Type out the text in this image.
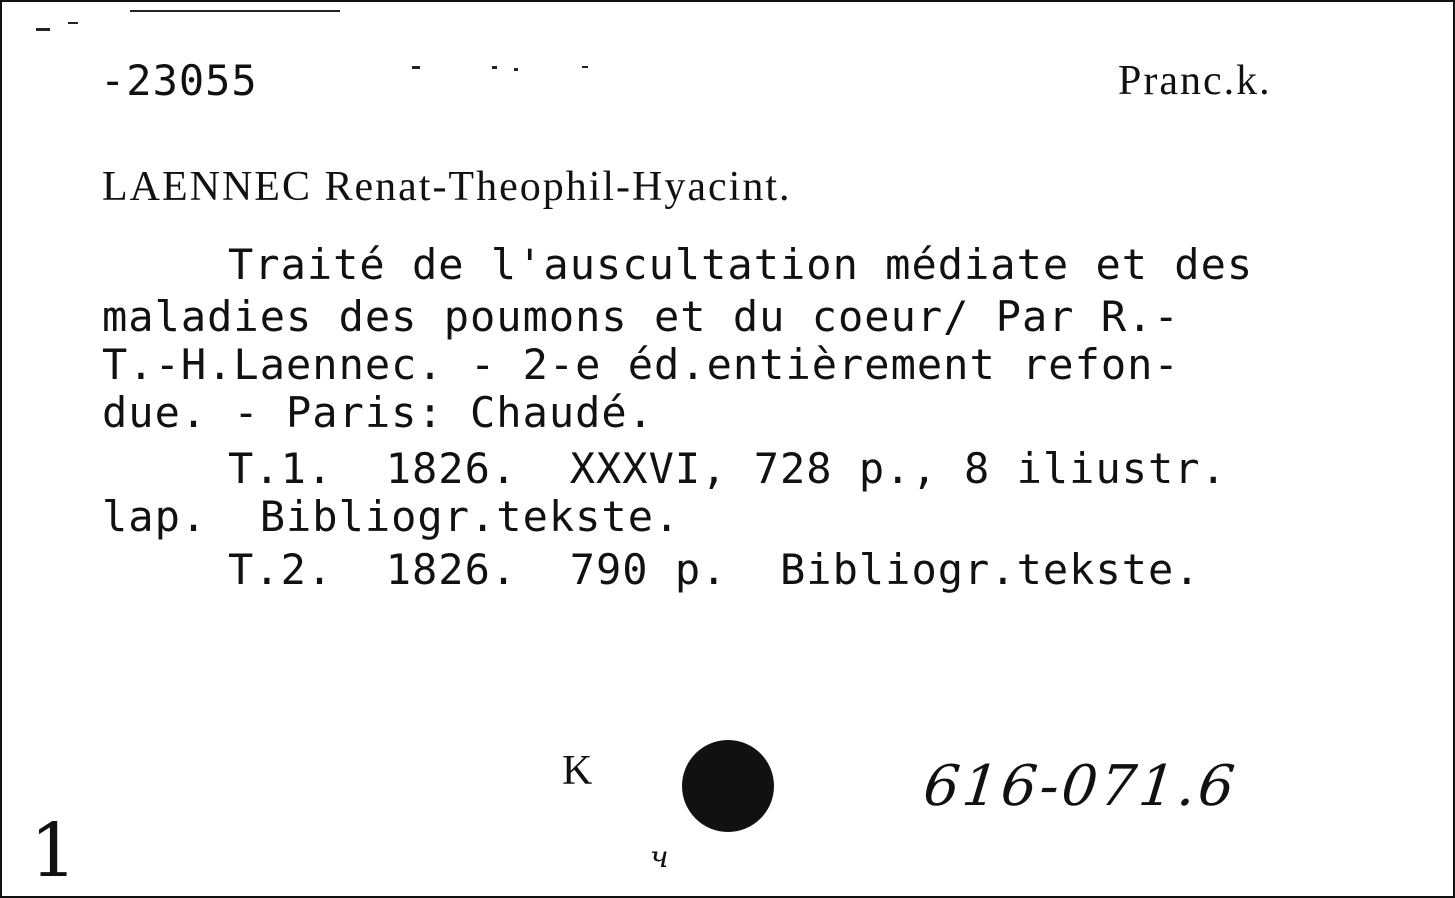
-23055	Pranc.k.
LAENNEC Renat-Theophil-Hyacint.
Traité de l'auscultation médiate et des
maladies des poumons et du coeur/ Par R.-
T.-H.Laennec. - 2-e éd.entièrement refon-
due. - Paris: Chaudé.
T.1.  1826.  XXXVI, 728 p., 8 iliustr.
lap.  Bibliogr.tekste.
T.2.  1826.  790 p.  Bibliogr.tekste.
K	616-071.6
1	ч
